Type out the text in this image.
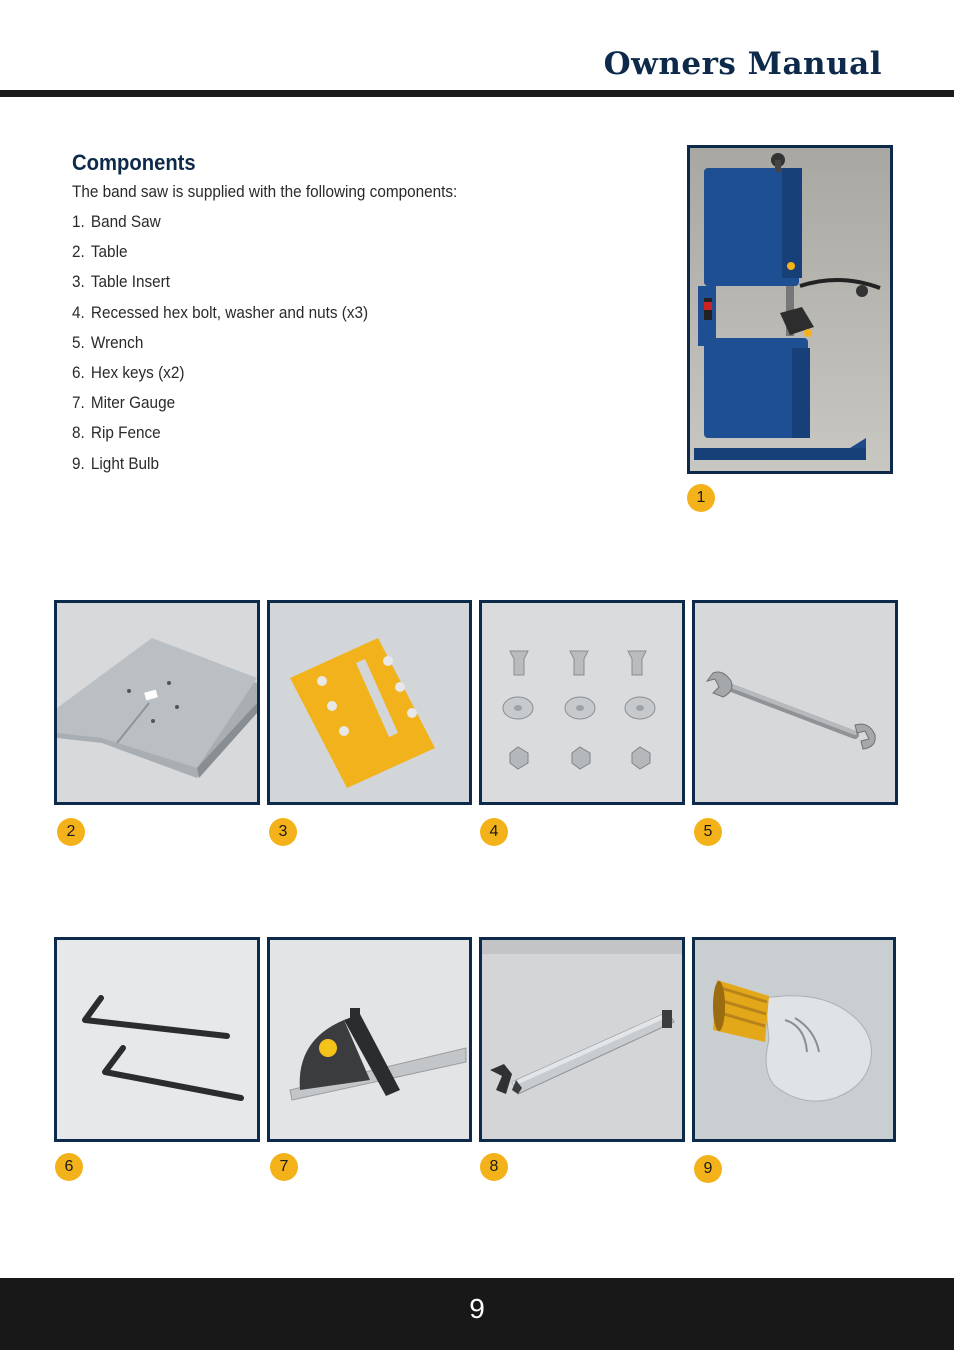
Owners Manual
Components
The band saw is supplied with the following components:
1. Band Saw
2. Table
3. Table Insert
4. Recessed hex bolt, washer and nuts (x3)
5. Wrench
6. Hex keys (x2)
7. Miter Gauge
8. Rip Fence
9. Light Bulb
1
2	3	4	5
6	7	8	9
9
